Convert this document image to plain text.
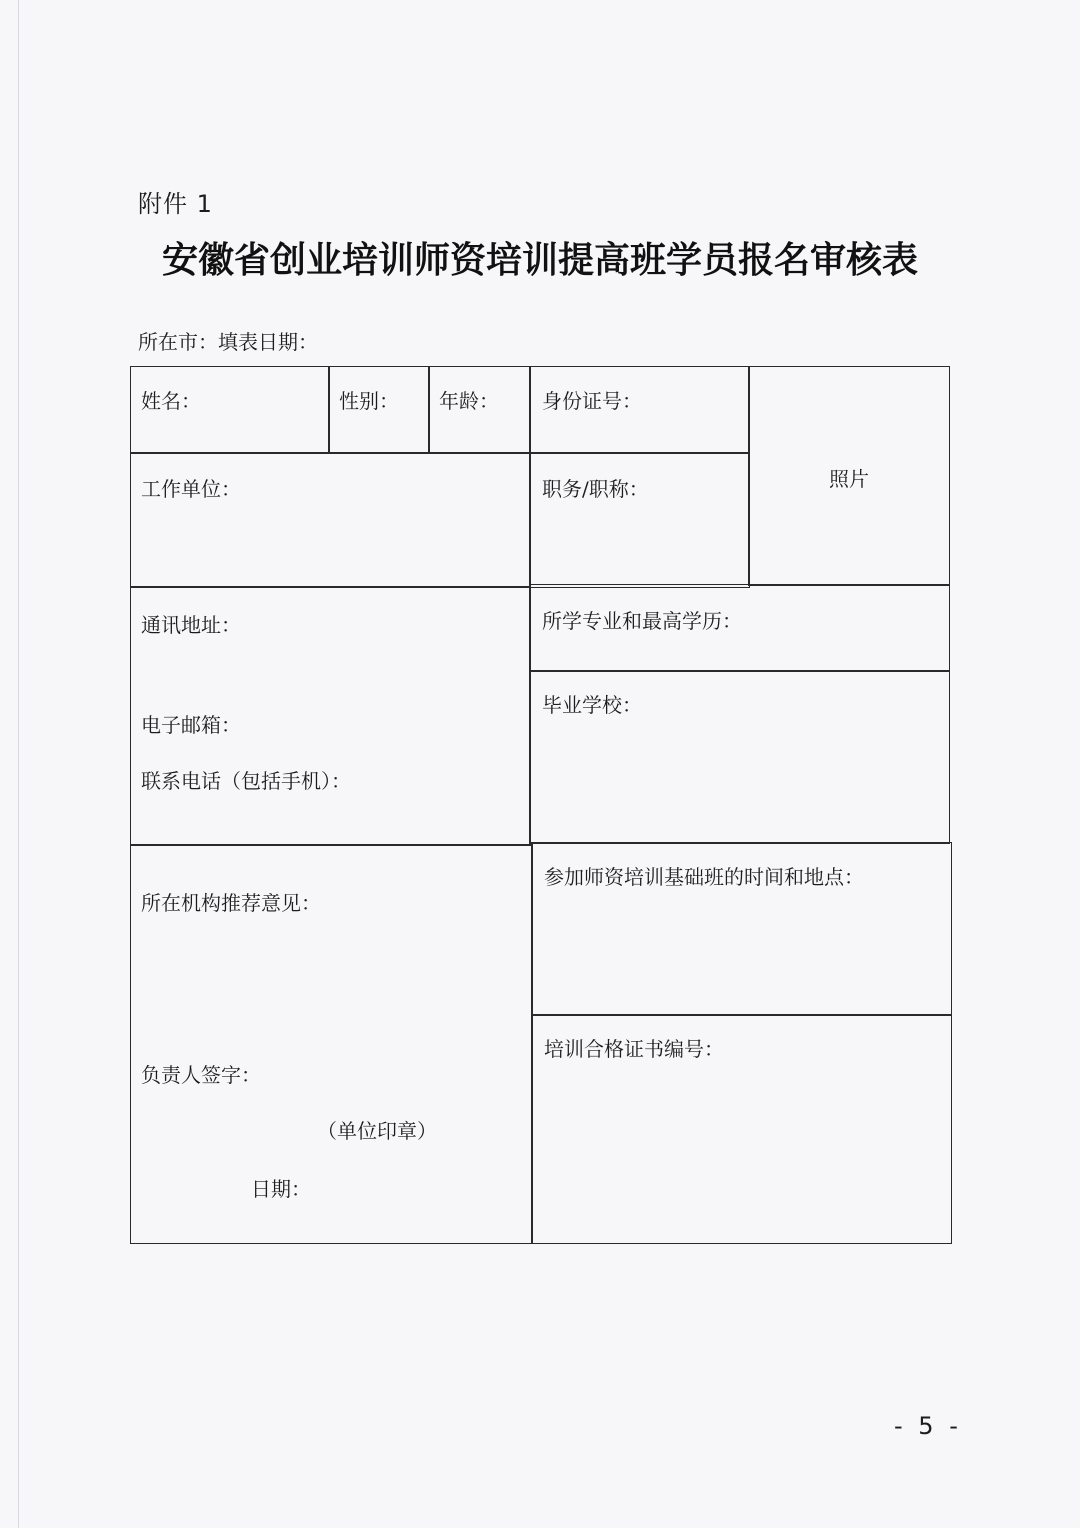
附件 1
安徽省创业培训师资培训提高班学员报名审核表
所在市：填表日期：
姓名：	性别： 年龄： 身份证号：
照片
工作单位：	职务/职称：
通讯地址：
电子邮箱：
联系电话（包括手机）：
所学专业和最高学历：
毕业学校：
所在机构推荐意见：
负责人签字：
（单位印章）
日期：
参加师资培训基础班的时间和地点：
培训合格证书编号：
- 5 -
